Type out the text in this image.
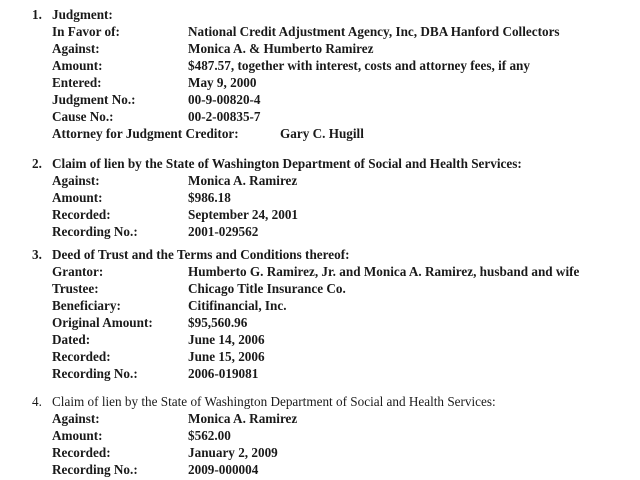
1. Judgment:
In Favor of:	National Credit Adjustment Agency, Inc, DBA Hanford Collectors
Against:	Monica A. & Humberto Ramirez
Amount:	$487.57, together with interest, costs and attorney fees, if any
Entered:	May 9, 2000
Judgment No.:	00-9-00820-4
Cause No.:	00-2-00835-7
Attorney for Judgment Creditor:	Gary C. Hugill
2. Claim of lien by the State of Washington Department of Social and Health Services:
Against:	Monica A. Ramirez
Amount:	$986.18
Recorded:	September 24, 2001
Recording No.:	2001-029562
3. Deed of Trust and the Terms and Conditions thereof:
Grantor:	Humberto G. Ramirez, Jr. and Monica A. Ramirez, husband and wife
Trustee:	Chicago Title Insurance Co.
Beneficiary:	Citifinancial, Inc.
Original Amount:	$95,560.96
Dated:	June 14, 2006
Recorded:	June 15, 2006
Recording No.:	2006-019081
4. Claim of lien by the State of Washington Department of Social and Health Services:
Against:	Monica A. Ramirez
Amount:	$562.00
Recorded:	January 2, 2009
Recording No.:	2009-000004
